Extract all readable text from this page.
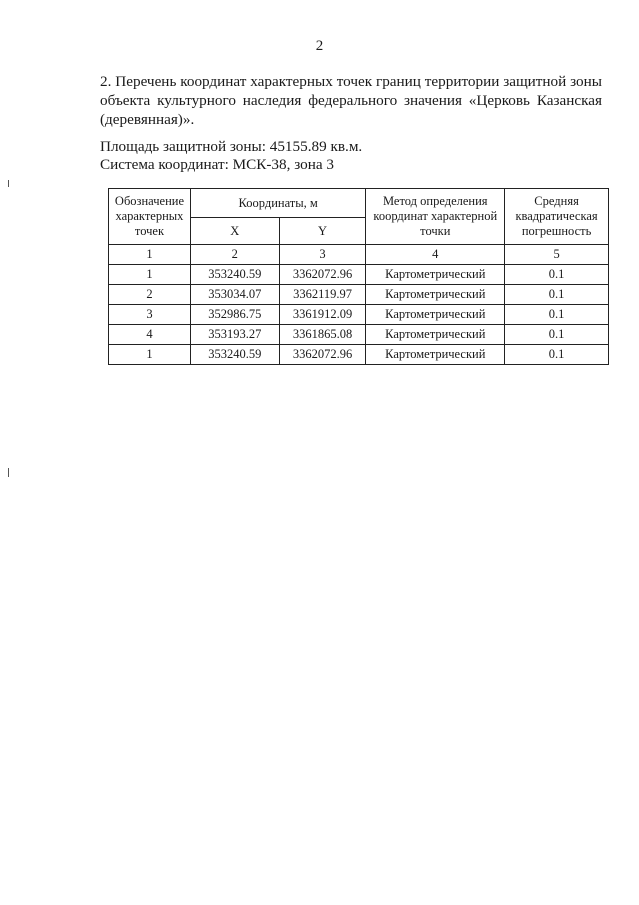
2

2. Перечень координат характерных точек границ территории защитной зоны объекта культурного наследия федерального значения «Церковь Казанская (деревянная)».

Площадь защитной зоны: 45155.89 кв.м.

Система координат: МСК-38, зона 3

Обозначение характерных точек	Координаты, м		Метод определения координат характерной точки	Средняя квадратическая погрешность
	X	Y		
1	2	3	4	5
1	353240.59	3362072.96	Картометрический	0.1
2	353034.07	3362119.97	Картометрический	0.1
3	352986.75	3361912.09	Картометрический	0.1
4	353193.27	3361865.08	Картометрический	0.1
1	353240.59	3362072.96	Картометрический	0.1
